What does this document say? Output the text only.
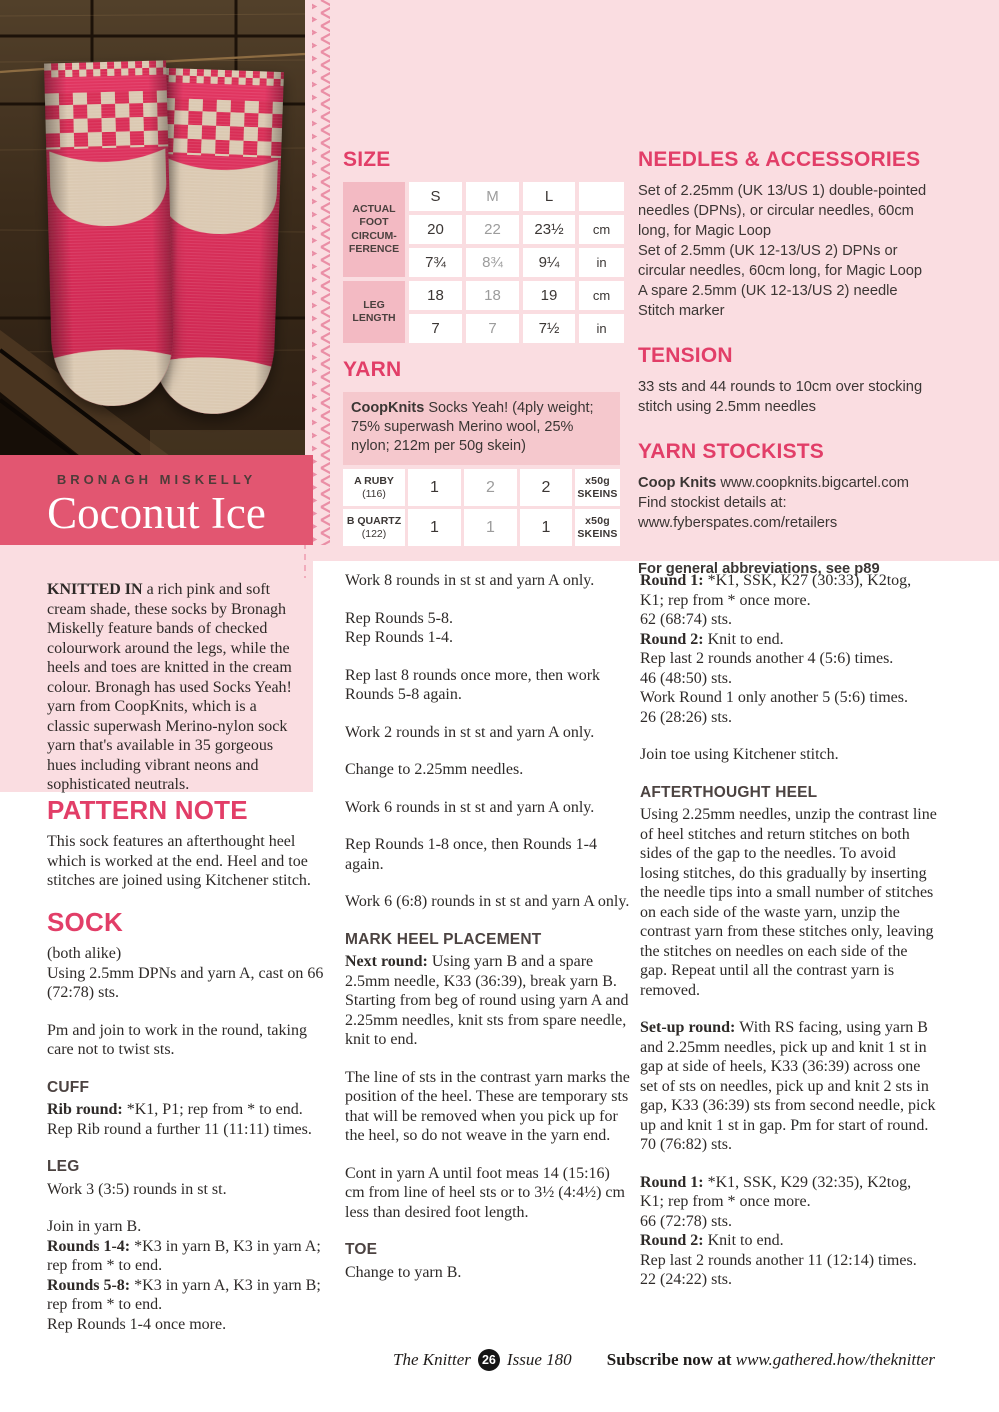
BRONAGH MISKELLY
Coconut Ice
KNITTED IN a rich pink and soft cream shade, these socks by Bronagh Miskelly feature bands of checked colourwork around the legs, while the heels and toes are knitted in the cream colour. Bronagh has used Socks Yeah! yarn from CoopKnits, which is a classic superwash Merino-nylon sock yarn that's available in 35 gorgeous hues including vibrant neons and sophisticated neutrals.
SIZE
ACTUAL FOOT CIRCUM- FERENCE
S	M	L
20	22	23½	cm
7¾	8¾	9¼	in
LEG LENGTH
18	18	19	cm
7	7	7½	in
YARN
CoopKnits Socks Yeah! (4ply weight; 75% superwash Merino wool, 25% nylon; 212m per 50g skein)
A RUBY
(116)	1	2	2	x50g
SKEINS
B QUARTZ
(122)	1	1	1	x50g
SKEINS
NEEDLES & ACCESSORIES

Set of 2.25mm (UK 13/US 1) double-pointed needles (DPNs), or circular needles, 60cm long, for Magic Loop

Set of 2.5mm (UK 12-13/US 2) DPNs or circular needles, 60cm long, for Magic Loop

A spare 2.5mm (UK 12-13/US 2) needle

Stitch marker

TENSION

33 sts and 44 rounds to 10cm over stocking stitch using 2.5mm needles

YARN STOCKISTS

Coop Knits www.coopknits.bigcartel.com

Find stockist details at:

www.fyberspates.com/retailers

For general abbreviations, see p89

PATTERN NOTE

This sock features an afterthought heel which is worked at the end. Heel and toe stitches are joined using Kitchener stitch.

SOCK

(both alike)
Using 2.5mm DPNs and yarn A, cast on 66 (72:78) sts.

Pm and join to work in the round, taking care not to twist sts.

CUFF

Rib round: *K1, P1; rep from * to end.
Rep Rib round a further 11 (11:11) times.

LEG

Work 3 (3:5) rounds in st st.

Join in yarn B.
Rounds 1-4: *K3 in yarn B, K3 in yarn A; rep from * to end.
Rounds 5-8: *K3 in yarn A, K3 in yarn B; rep from * to end.
Rep Rounds 1-4 once more.

Work 8 rounds in st st and yarn A only.

Rep Rounds 5-8.
Rep Rounds 1-4.

Rep last 8 rounds once more, then work Rounds 5-8 again.

Work 2 rounds in st st and yarn A only.

Change to 2.25mm needles.

Work 6 rounds in st st and yarn A only.

Rep Rounds 1-8 once, then Rounds 1-4 again.

Work 6 (6:8) rounds in st st and yarn A only.

MARK HEEL PLACEMENT

Next round: Using yarn B and a spare 2.5mm needle, K33 (36:39), break yarn B. Starting from beg of round using yarn A and 2.25mm needles, knit sts from spare needle, knit to end.

The line of sts in the contrast yarn marks the position of the heel. These are temporary sts that will be removed when you pick up for the heel, so do not weave in the yarn end.

Cont in yarn A until foot meas 14 (15:16) cm from line of heel sts or to 3½ (4:4½) cm less than desired foot length.

TOE

Change to yarn B.

Round 1: *K1, SSK, K27 (30:33), K2tog, K1; rep from * once more.
62 (68:74) sts.
Round 2: Knit to end.
Rep last 2 rounds another 4 (5:6) times.
46 (48:50) sts.
Work Round 1 only another 5 (5:6) times.
26 (28:26) sts.

Join toe using Kitchener stitch.

AFTERTHOUGHT HEEL

Using 2.25mm needles, unzip the contrast line of heel stitches and return stitches on both sides of the gap to the needles. To avoid losing stitches, do this gradually by inserting the needle tips into a small number of stitches on each side of the waste yarn, unzip the contrast yarn from these stitches only, leaving the stitches on needles on each side of the gap. Repeat until all the contrast yarn is removed.

Set-up round: With RS facing, using yarn B and 2.25mm needles, pick up and knit 1 st in gap at side of heels, K33 (36:39) across one set of sts on needles, pick up and knit 2 sts in gap, K33 (36:39) sts from second needle, pick up and knit 1 st in gap. Pm for start of round.
70 (76:82) sts.

Round 1: *K1, SSK, K29 (32:35), K2tog, K1; rep from * once more.
66 (72:78) sts.
Round 2: Knit to end.
Rep last 2 rounds another 11 (12:14) times.
22 (24:22) sts.

The Knitter 26 Issue 180 Subscribe now at www.gathered.how/theknitter
